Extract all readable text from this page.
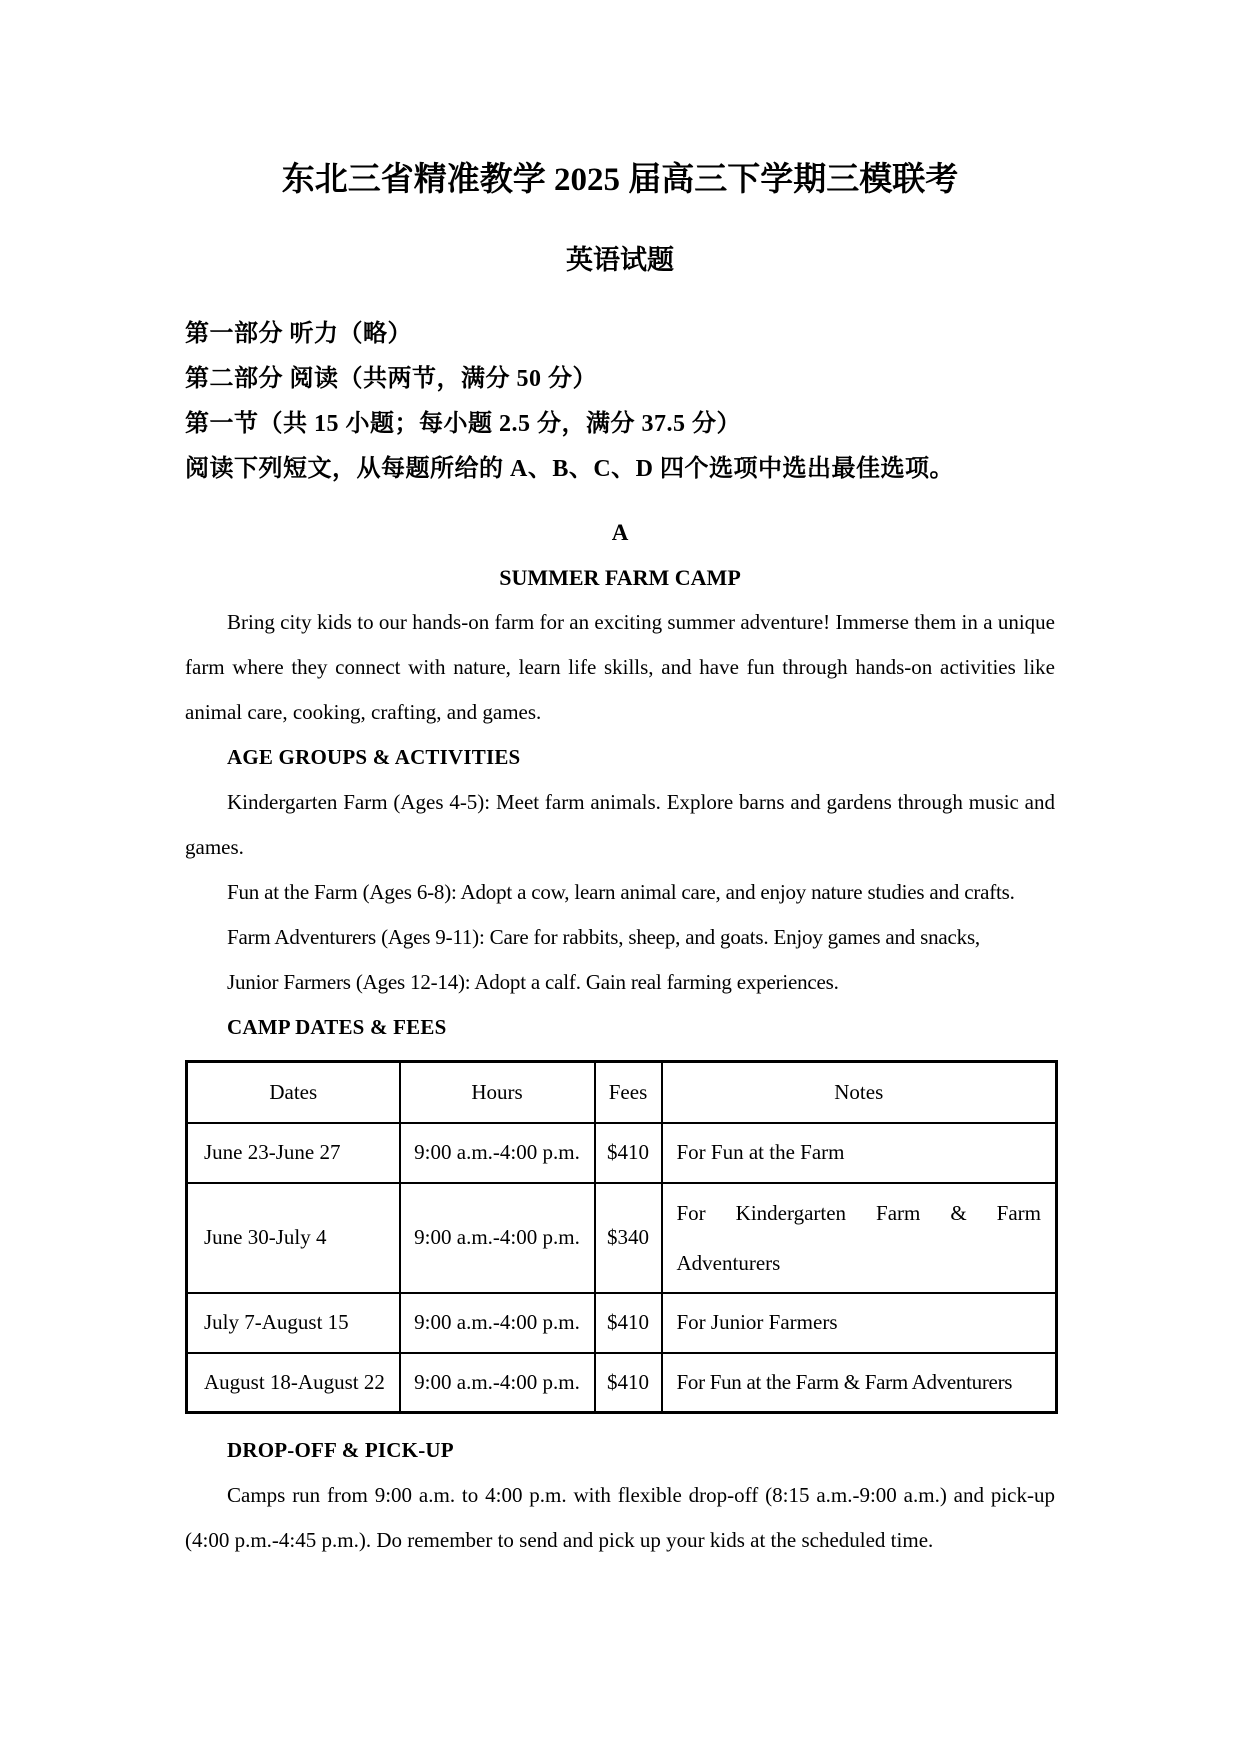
东北三省精准教学 2025 届高三下学期三模联考
英语试题
第一部分 听力（略）
第二部分 阅读（共两节，满分 50 分）
第一节（共 15 小题；每小题 2.5 分，满分 37.5 分）
阅读下列短文，从每题所给的 A、B、C、D 四个选项中选出最佳选项。
A
SUMMER FARM CAMP
Bring city kids to our hands-on farm for an exciting summer adventure! Immerse them in a unique farm where they connect with nature, learn life skills, and have fun through hands-on activities like animal care, cooking, crafting, and games.
AGE GROUPS & ACTIVITIES
Kindergarten Farm (Ages 4-5): Meet farm animals. Explore barns and gardens through music and games.
Fun at the Farm (Ages 6-8): Adopt a cow, learn animal care, and enjoy nature studies and crafts.
Farm Adventurers (Ages 9-11): Care for rabbits, sheep, and goats. Enjoy games and snacks,
Junior Farmers (Ages 12-14): Adopt a calf. Gain real farming experiences.
CAMP DATES & FEES
Dates	Hours	Fees	Notes
June 23-June 27	9:00 a.m.-4:00 p.m.	$410	For Fun at the Farm
June 30-July 4	9:00 a.m.-4:00 p.m.	$340	For Kindergarten Farm & Farm Adventurers
July 7-August 15	9:00 a.m.-4:00 p.m.	$410	For Junior Farmers
August 18-August 22	9:00 a.m.-4:00 p.m.	$410	For Fun at the Farm & Farm Adventurers
DROP-OFF & PICK-UP
Camps run from 9:00 a.m. to 4:00 p.m. with flexible drop-off (8:15 a.m.-9:00 a.m.) and pick-up (4:00 p.m.-4:45 p.m.). Do remember to send and pick up your kids at the scheduled time.
